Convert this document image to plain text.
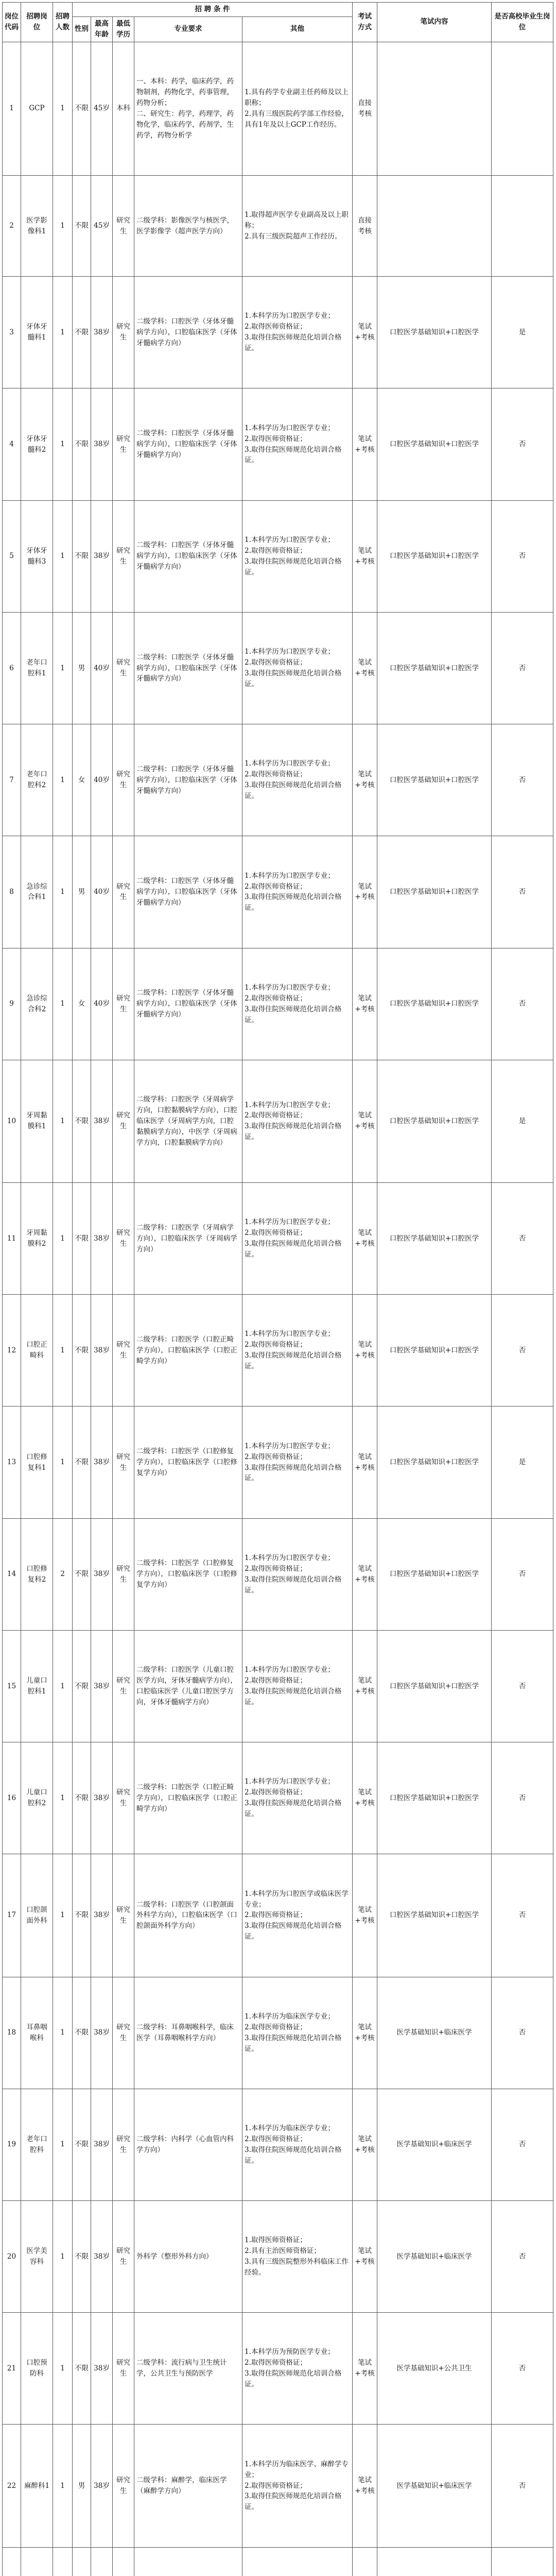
岗位代码	招聘岗位	招聘人数	招 聘 条 件					考试方式	笔试内容	是否高校毕业生岗位
			性别	最高年龄	最低学历	专业要求	其他			
1	GCP	1	不限	45岁	本科	一、本科：药学，临床药学，药物制剂，药物化学，药事管理，药物分析；
二、研究生：药学，药理学，药物化学，临床药学，药剂学，生药学，药物分析学	1.具有药学专业副主任药师及以上职称；
2.具有三级医院药学部工作经验，具有1年及以上GCP工作经历。	直接考核		
2	医学影像科1	1	不限	45岁	研究生	二级学科：影像医学与核医学，医学影像学（超声医学方向）	1.取得超声医学专业副高及以上职称；
2.具有三级医院超声工作经历。	直接考核		
3	牙体牙髓科1	1	不限	38岁	研究生	二级学科：口腔医学（牙体牙髓病学方向），口腔临床医学（牙体牙髓病学方向）	1.本科学历为口腔医学专业；
2.取得医师资格证；
3.取得住院医师规范化培训合格证。	笔试+考核	口腔医学基础知识+口腔医学	是
4	牙体牙髓科2	1	不限	38岁	研究生	二级学科：口腔医学（牙体牙髓病学方向），口腔临床医学（牙体牙髓病学方向）	1.本科学历为口腔医学专业；
2.取得医师资格证；
3.取得住院医师规范化培训合格证。	笔试+考核	口腔医学基础知识+口腔医学	否
5	牙体牙髓科3	1	不限	38岁	研究生	二级学科：口腔医学（牙体牙髓病学方向），口腔临床医学（牙体牙髓病学方向）	1.本科学历为口腔医学专业；
2.取得医师资格证；
3.取得住院医师规范化培训合格证。	笔试+考核	口腔医学基础知识+口腔医学	否
6	老年口腔科1	1	男	40岁	研究生	二级学科：口腔医学（牙体牙髓病学方向），口腔临床医学（牙体牙髓病学方向）	1.本科学历为口腔医学专业；
2.取得医师资格证；
3.取得住院医师规范化培训合格证。	笔试+考核	口腔医学基础知识+口腔医学	否
7	老年口腔科2	1	女	40岁	研究生	二级学科：口腔医学（牙体牙髓病学方向），口腔临床医学（牙体牙髓病学方向）	1.本科学历为口腔医学专业；
2.取得医师资格证；
3.取得住院医师规范化培训合格证。	笔试+考核	口腔医学基础知识+口腔医学	否
8	急诊综合科1	1	男	40岁	研究生	二级学科：口腔医学（牙体牙髓病学方向），口腔临床医学（牙体牙髓病学方向）	1.本科学历为口腔医学专业；
2.取得医师资格证；
3.取得住院医师规范化培训合格证。	笔试+考核	口腔医学基础知识+口腔医学	否
9	急诊综合科2	1	女	40岁	研究生	二级学科：口腔医学（牙体牙髓病学方向），口腔临床医学（牙体牙髓病学方向）	1.本科学历为口腔医学专业；
2.取得医师资格证；
3.取得住院医师规范化培训合格证。	笔试+考核	口腔医学基础知识+口腔医学	否
10	牙周黏膜科1	1	不限	38岁	研究生	二级学科：口腔医学（牙周病学方向，口腔黏膜病学方向），口腔临床医学（牙周病学方向，口腔黏膜病学方向），中医学（牙周病学方向，口腔黏膜病学方向）	1.本科学历为口腔医学专业；
2.取得医师资格证；
3.取得住院医师规范化培训合格证。	笔试+考核	口腔医学基础知识+口腔医学	是
11	牙周黏膜科2	1	不限	38岁	研究生	二级学科：口腔医学（牙周病学方向），口腔临床医学（牙周病学方向）	1.本科学历为口腔医学专业；
2.取得医师资格证；
3.取得住院医师规范化培训合格证。	笔试+考核	口腔医学基础知识+口腔医学	否
12	口腔正畸科	1	不限	38岁	研究生	二级学科：口腔医学（口腔正畸学方向），口腔临床医学（口腔正畸学方向）	1.本科学历为口腔医学专业；
2.取得医师资格证；
3.取得住院医师规范化培训合格证。	笔试+考核	口腔医学基础知识+口腔医学	否
13	口腔修复科1	1	不限	38岁	研究生	二级学科：口腔医学（口腔修复学方向），口腔临床医学（口腔修复学方向）	1.本科学历为口腔医学专业；
2.取得医师资格证；
3.取得住院医师规范化培训合格证。	笔试+考核	口腔医学基础知识+口腔医学	是
14	口腔修复科2	2	不限	38岁	研究生	二级学科：口腔医学（口腔修复学方向），口腔临床医学（口腔修复学方向）	1.本科学历为口腔医学专业；
2.取得医师资格证；
3.取得住院医师规范化培训合格证。	笔试+考核	口腔医学基础知识+口腔医学	否
15	儿童口腔科1	1	不限	38岁	研究生	二级学科：口腔医学（儿童口腔医学方向，牙体牙髓病学方向），口腔临床医学（儿童口腔医学方向，牙体牙髓病学方向）	1.本科学历为口腔医学专业；
2.取得医师资格证；
3.取得住院医师规范化培训合格证。	笔试+考核	口腔医学基础知识+口腔医学	否
16	儿童口腔科2	1	不限	38岁	研究生	二级学科：口腔医学（口腔正畸学方向），口腔临床医学（口腔正畸学方向）	1.本科学历为口腔医学专业；
2.取得医师资格证；
3.取得住院医师规范化培训合格证。	笔试+考核	口腔医学基础知识+口腔医学	否
17	口腔颌面外科	1	不限	38岁	研究生	二级学科：口腔医学（口腔颌面外科学方向），口腔临床医学（口腔颌面外科学方向）	1.本科学历为口腔医学或临床医学专业；
2.取得医师资格证；
3.取得住院医师规范化培训合格证。	笔试+考核	口腔医学基础知识+口腔医学	否
18	耳鼻咽喉科	1	不限	38岁	研究生	二级学科：耳鼻咽喉科学，临床医学（耳鼻咽喉科学方向）	1.本科学历为临床医学专业；
2.取得医师资格证；
3.取得住院医师规范化培训合格证。	笔试+考核	医学基础知识+临床医学	否
19	老年口腔科	1	不限	38岁	研究生	二级学科：内科学（心血管内科学方向）	1.本科学历为临床医学专业；
2.取得医师资格证；
3.取得住院医师规范化培训合格证。	笔试+考核	医学基础知识+临床医学	否
20	医学美容科	1	不限	38岁	研究生	外科学（整形外科方向）	1.取得医师资格证；
2.具有主治医师资格证；
3.具有三级医院整形外科临床工作经验。	笔试+考核	医学基础知识+临床医学	否
21	口腔预防科	1	不限	38岁	研究生	二级学科：流行病与卫生统计学，公共卫生与预防医学	1.本科学历为预防医学专业；
2.取得医师资格证；
3.取得住院医师规范化培训合格证。	笔试+考核	医学基础知识+公共卫生	否
22	麻醉科1	1	男	38岁	研究生	二级学科：麻醉学，临床医学（麻醉学方向）	1.本科学历为临床医学、麻醉学专业；
2.取得医师资格证；
3.取得住院医师规范化培训合格证。	笔试+考核	医学基础知识+临床医学	否
